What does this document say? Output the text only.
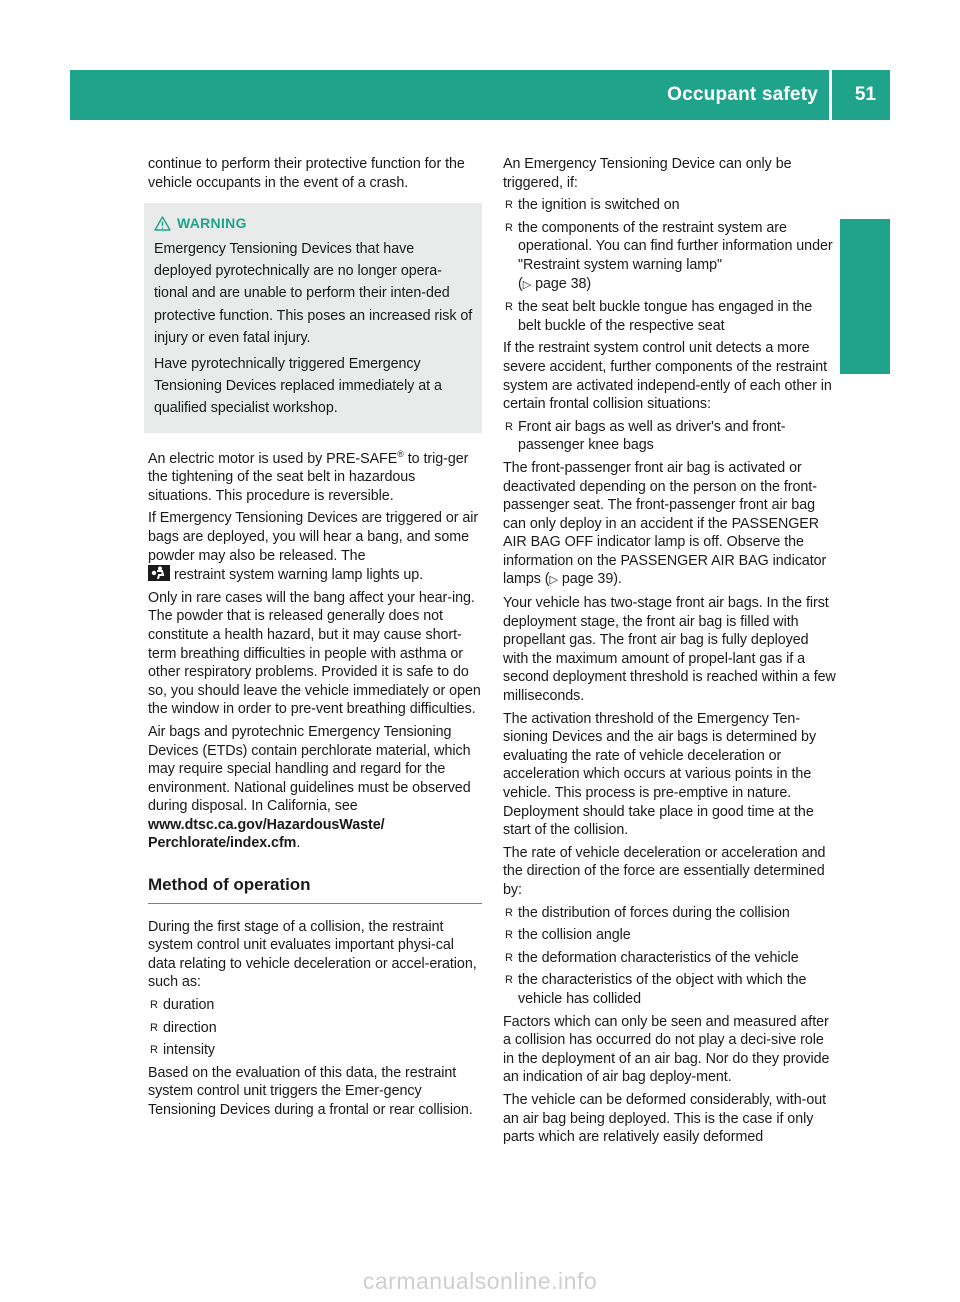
Occupant safety 51
Safety

continue to perform their protective function for the vehicle occupants in the event of a crash.

WARNING

Emergency Tensioning Devices that have deployed pyrotechnically are no longer opera-tional and are unable to perform their inten-ded protective function. This poses an increased risk of injury or even fatal injury.

Have pyrotechnically triggered Emergency Tensioning Devices replaced immediately at a qualified specialist workshop.

An electric motor is used by PRE-SAFE® to trig-ger the tightening of the seat belt in hazardous situations. This procedure is reversible.

If Emergency Tensioning Devices are triggered or air bags are deployed, you will hear a bang, and some powder may also be released. The

restraint system warning lamp lights up.

Only in rare cases will the bang affect your hear-ing. The powder that is released generally does not constitute a health hazard, but it may cause short-term breathing difficulties in people with asthma or other respiratory problems. Provided it is safe to do so, you should leave the vehicle immediately or open the window in order to pre-vent breathing difficulties.

Air bags and pyrotechnic Emergency Tensioning Devices (ETDs) contain perchlorate material, which may require special handling and regard for the environment. National guidelines must be observed during disposal. In California, see www.dtsc.ca.gov/HazardousWaste/ Perchlorate/index.cfm.

Method of operation

During the first stage of a collision, the restraint system control unit evaluates important physi-cal data relating to vehicle deceleration or accel-eration, such as:

R duration
R direction
R intensity

Based on the evaluation of this data, the restraint system control unit triggers the Emer-gency Tensioning Devices during a frontal or rear collision.

An Emergency Tensioning Device can only be triggered, if:

R the ignition is switched on
R the components of the restraint system are operational. You can find further information under "Restraint system warning lamp"
(▷ page 38)
R the seat belt buckle tongue has engaged in the belt buckle of the respective seat

If the restraint system control unit detects a more severe accident, further components of the restraint system are activated independ-ently of each other in certain frontal collision situations:

R Front air bags as well as driver's and front-passenger knee bags

The front-passenger front air bag is activated or deactivated depending on the person on the front-passenger seat. The front-passenger front air bag can only deploy in an accident if the PASSENGER AIR BAG OFF indicator lamp is off. Observe the information on the PASSENGER AIR BAG indicator lamps (▷ page 39).

Your vehicle has two-stage front air bags. In the first deployment stage, the front air bag is filled with propellant gas. The front air bag is fully deployed with the maximum amount of propel-lant gas if a second deployment threshold is reached within a few milliseconds.

The activation threshold of the Emergency Ten-sioning Devices and the air bags is determined by evaluating the rate of vehicle deceleration or acceleration which occurs at various points in the vehicle. This process is pre-emptive in nature. Deployment should take place in good time at the start of the collision.

The rate of vehicle deceleration or acceleration and the direction of the force are essentially determined by:

R the distribution of forces during the collision
R the collision angle
R the deformation characteristics of the vehicle
R the characteristics of the object with which the vehicle has collided

Factors which can only be seen and measured after a collision has occurred do not play a deci-sive role in the deployment of an air bag. Nor do they provide an indication of air bag deploy-ment.

The vehicle can be deformed considerably, with-out an air bag being deployed. This is the case if only parts which are relatively easily deformed

carmanualsonline.info
